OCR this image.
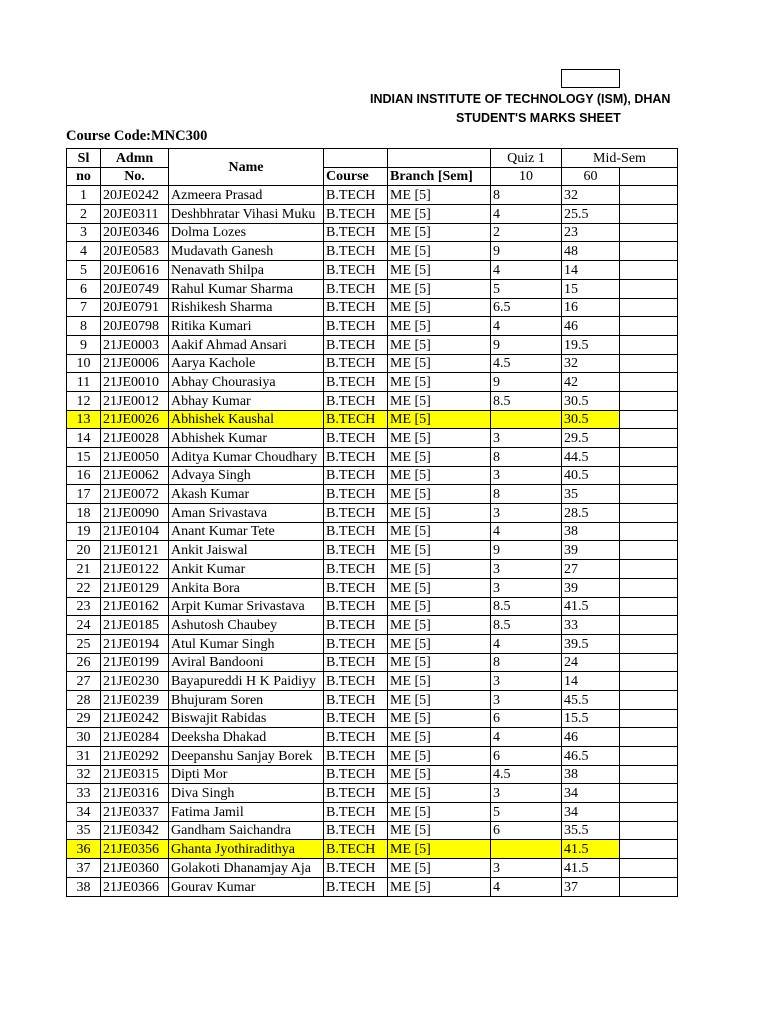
INDIAN INSTITUTE OF TECHNOLOGY (ISM), DHAN
STUDENT'S MARKS SHEET
Course Code:MNC300
Sl	Admn	Name			Quiz 1	Mid-Sem	
no	No.		Course	Branch [Sem]	10	60	
1	20JE0242	Azmeera Prasad	B.TECH	ME [5]	8	32	
2	20JE0311	Deshbhratar Vihasi Muku	B.TECH	ME [5]	4	25.5	
3	20JE0346	Dolma Lozes	B.TECH	ME [5]	2	23	
4	20JE0583	Mudavath Ganesh	B.TECH	ME [5]	9	48	
5	20JE0616	Nenavath Shilpa	B.TECH	ME [5]	4	14	
6	20JE0749	Rahul Kumar Sharma	B.TECH	ME [5]	5	15	
7	20JE0791	Rishikesh Sharma	B.TECH	ME [5]	6.5	16	
8	20JE0798	Ritika Kumari	B.TECH	ME [5]	4	46	
9	21JE0003	Aakif Ahmad Ansari	B.TECH	ME [5]	9	19.5	
10	21JE0006	Aarya Kachole	B.TECH	ME [5]	4.5	32	
11	21JE0010	Abhay Chourasiya	B.TECH	ME [5]	9	42	
12	21JE0012	Abhay Kumar	B.TECH	ME [5]	8.5	30.5	
13	21JE0026	Abhishek Kaushal	B.TECH	ME [5]		30.5	
14	21JE0028	Abhishek Kumar	B.TECH	ME [5]	3	29.5	
15	21JE0050	Aditya Kumar Choudhary	B.TECH	ME [5]	8	44.5	
16	21JE0062	Advaya Singh	B.TECH	ME [5]	3	40.5	
17	21JE0072	Akash Kumar	B.TECH	ME [5]	8	35	
18	21JE0090	Aman Srivastava	B.TECH	ME [5]	3	28.5	
19	21JE0104	Anant Kumar Tete	B.TECH	ME [5]	4	38	
20	21JE0121	Ankit Jaiswal	B.TECH	ME [5]	9	39	
21	21JE0122	Ankit Kumar	B.TECH	ME [5]	3	27	
22	21JE0129	Ankita Bora	B.TECH	ME [5]	3	39	
23	21JE0162	Arpit Kumar Srivastava	B.TECH	ME [5]	8.5	41.5	
24	21JE0185	Ashutosh Chaubey	B.TECH	ME [5]	8.5	33	
25	21JE0194	Atul Kumar Singh	B.TECH	ME [5]	4	39.5	
26	21JE0199	Aviral Bandooni	B.TECH	ME [5]	8	24	
27	21JE0230	Bayapureddi H K Paidiyy	B.TECH	ME [5]	3	14	
28	21JE0239	Bhujuram Soren	B.TECH	ME [5]	3	45.5	
29	21JE0242	Biswajit Rabidas	B.TECH	ME [5]	6	15.5	
30	21JE0284	Deeksha Dhakad	B.TECH	ME [5]	4	46	
31	21JE0292	Deepanshu Sanjay Borek	B.TECH	ME [5]	6	46.5	
32	21JE0315	Dipti Mor	B.TECH	ME [5]	4.5	38	
33	21JE0316	Diva Singh	B.TECH	ME [5]	3	34	
34	21JE0337	Fatima Jamil	B.TECH	ME [5]	5	34	
35	21JE0342	Gandham Saichandra	B.TECH	ME [5]	6	35.5	
36	21JE0356	Ghanta Jyothiradithya	B.TECH	ME [5]		41.5	
37	21JE0360	Golakoti Dhanamjay Aja	B.TECH	ME [5]	3	41.5	
38	21JE0366	Gourav Kumar	B.TECH	ME [5]	4	37	
